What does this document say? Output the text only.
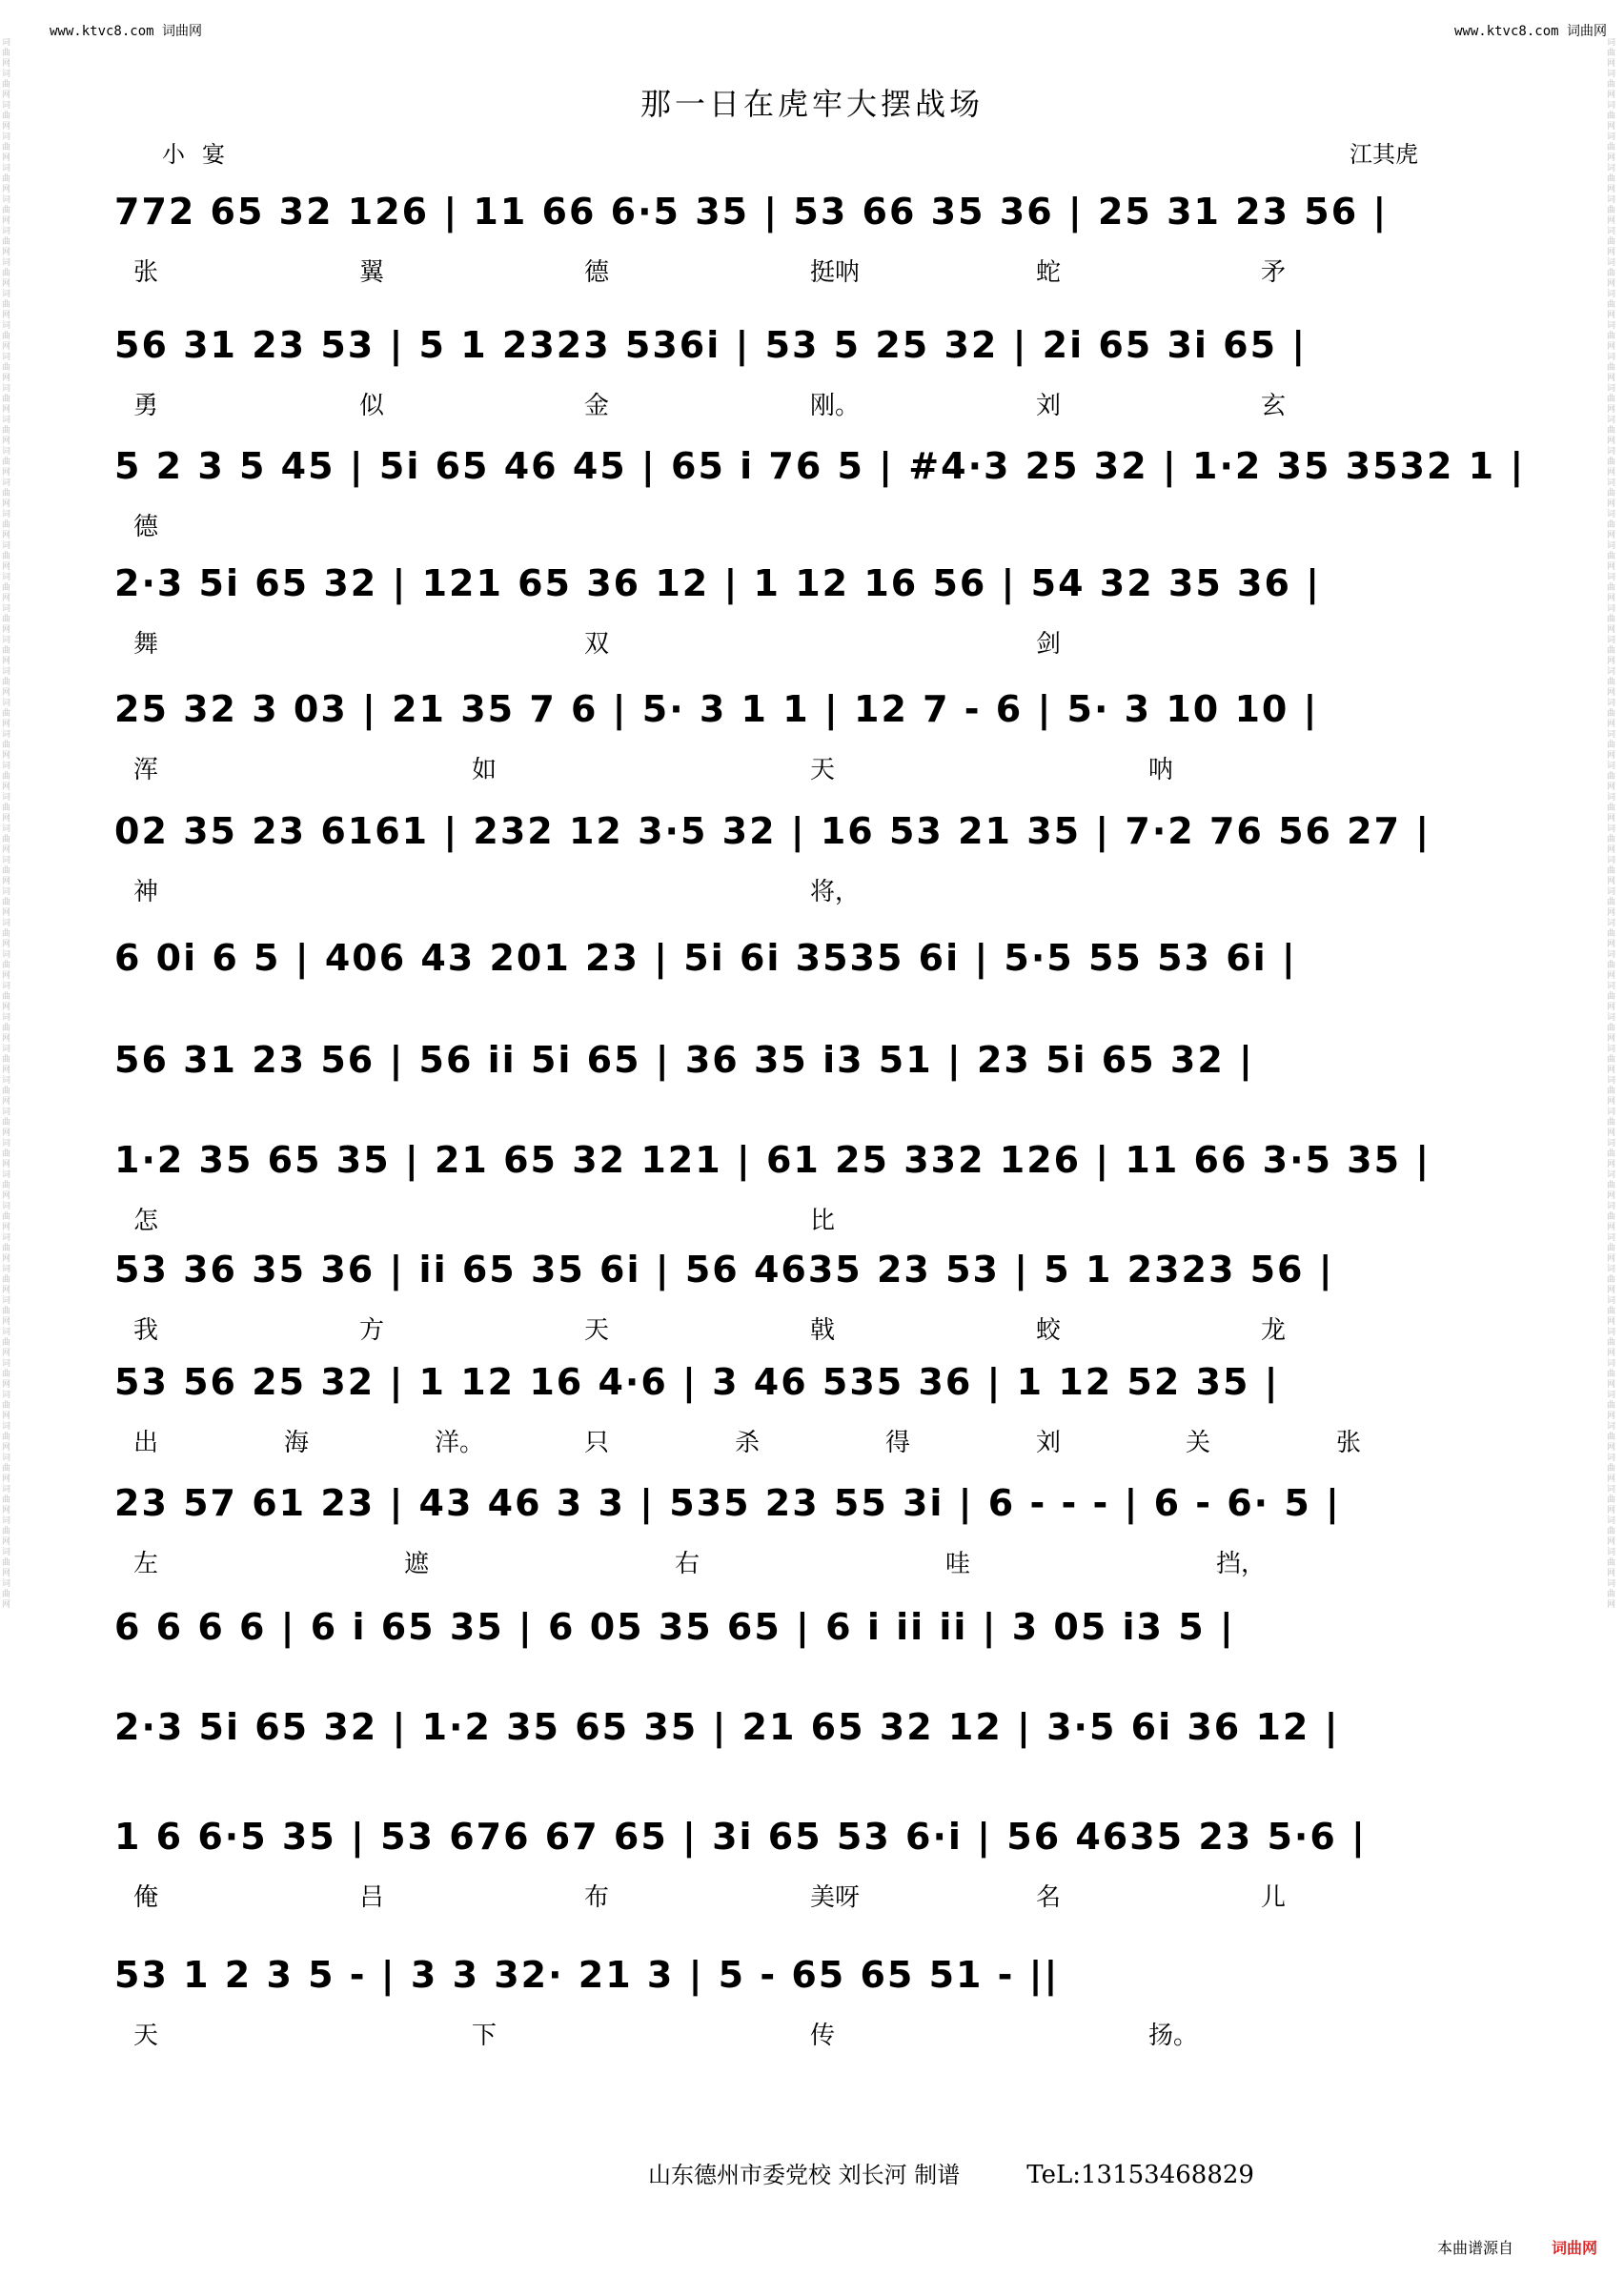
www.ktvc8.com 词曲网	www.ktvc8.com 词曲网
词曲网词曲网词曲网词曲网词曲网词曲网词曲网词曲网词曲网词曲网词曲网词曲网词曲网词曲网词曲网词曲网词曲网词曲网词曲网词曲网词曲网词曲网词曲网词曲网词曲网词曲网词曲网词曲网词曲网词曲网词曲网词曲网词曲网词曲网词曲网词曲网词曲网词曲网词曲网词曲网词曲网词曲网词曲网词曲网词曲网词曲网词曲网词曲网词曲网词曲网
词曲网词曲网词曲网词曲网词曲网词曲网词曲网词曲网词曲网词曲网词曲网词曲网词曲网词曲网词曲网词曲网词曲网词曲网词曲网词曲网词曲网词曲网词曲网词曲网词曲网词曲网词曲网词曲网词曲网词曲网词曲网词曲网词曲网词曲网词曲网词曲网词曲网词曲网词曲网词曲网词曲网词曲网词曲网词曲网词曲网词曲网词曲网词曲网词曲网词曲网
那一日在虎牢大摆战场
小宴	江其虎
772 65 32 126 | 11 66 6·5 35 | 53 66 35 36 | 25 31 23 56 |
张	翼	德	挺呐	蛇	矛
56 31 23 53 | 5 1 2323 536i | 53 5 25 32 | 2i 65 3i 65 |
勇	似	金	刚。	刘	玄
5 2 3 5 45 | 5i 65 46 45 | 65 i 76 5 | #4·3 25 32 | 1·2 35 3532 1 |
德
2·3 5i 65 32 | 121 65 36 12 | 1 12 16 56 | 54 32 35 36 |
舞	双	剑
25 32 3 03 | 21 35 7 6 | 5· 3 1 1 | 12 7 - 6 | 5· 3 10 10 |
浑	如	天	呐
02 35 23 6161 | 232 12 3·5 32 | 16 53 21 35 | 7·2 76 56 27 |
神	将，
6 0i 6 5 | 406 43 201 23 | 5i 6i 3535 6i | 5·5 55 53 6i |
56 31 23 56 | 56 ii 5i 65 | 36 35 i3 51 | 23 5i 65 32 |
1·2 35 65 35 | 21 65 32 121 | 61 25 332 126 | 11 66 3·5 35 |
怎	比
53 36 35 36 | ii 65 35 6i | 56 4635 23 53 | 5 1 2323 56 |
我	方	天	戟	蛟	龙
53 56 25 32 | 1 12 16 4·6 | 3 46 535 36 | 1 12 52 35 |
出	海	洋。	只	杀	得	刘	关	张
23 57 61 23 | 43 46 3 3 | 535 23 55 3i | 6 - - - | 6 - 6· 5 |
左	遮	右	哇	挡，
6 6 6 6 | 6 i 65 35 | 6 05 35 65 | 6 i ii ii | 3 05 i3 5 |
2·3 5i 65 32 | 1·2 35 65 35 | 21 65 32 12 | 3·5 6i 36 12 |
1 6 6·5 35 | 53 676 67 65 | 3i 65 53 6·i | 56 4635 23 5·6 |
俺	吕	布	美呀	名	儿
53 1 2 3 5 - | 3 3 32· 21 3 | 5 - 65 65 51 - ||
天	下	传	扬。
山东德州市委党校 刘长河 制谱	TeL:13153468829
本曲谱源自	词曲网
